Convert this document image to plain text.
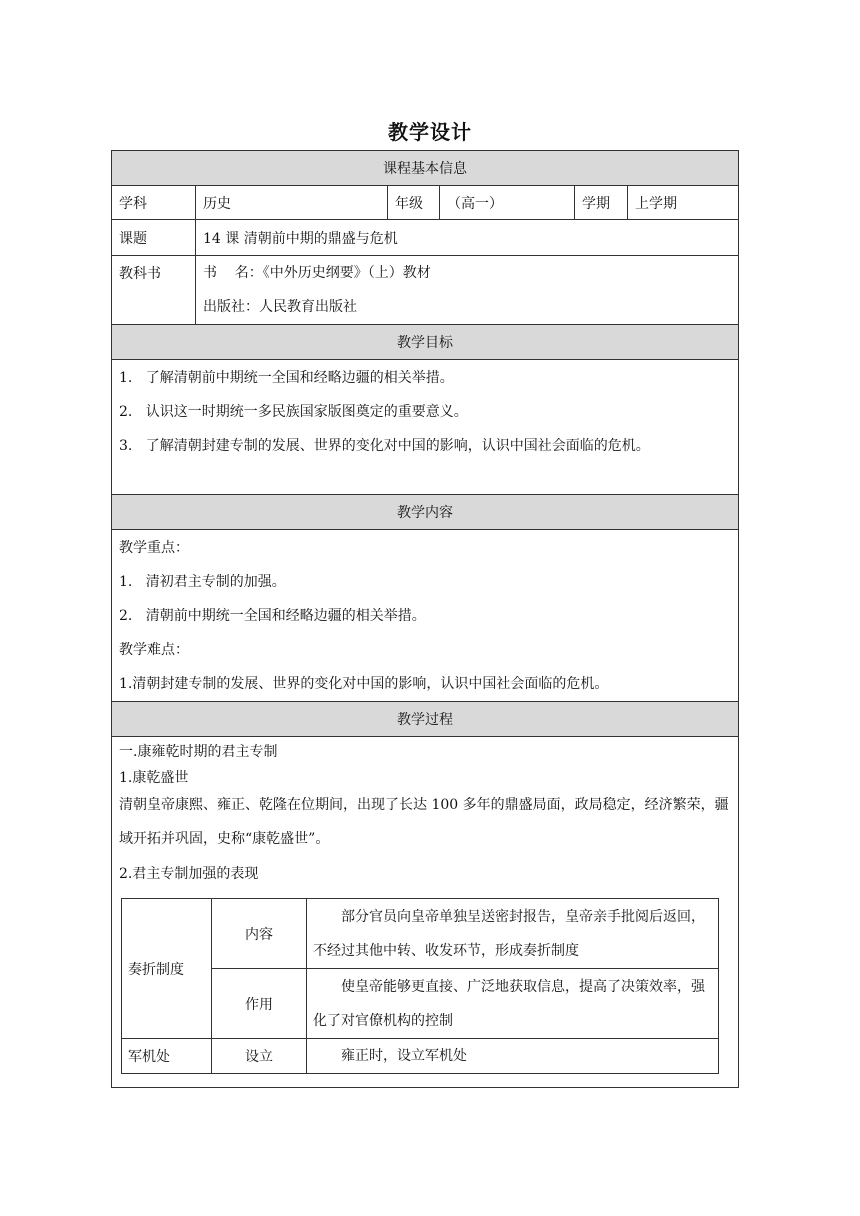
教学设计
课程基本信息
学科	历史	年级	（高一）	学期	上学期
课题	14 课 清朝前中期的鼎盛与危机
教科书	书    名：《中外历史纲要》（上）教材

出版社：人民教育出版社

教学目标

1.   了解清朝前中期统一全国和经略边疆的相关举措。

2.   认识这一时期统一多民族国家版图奠定的重要意义。

3.   了解清朝封建专制的发展、世界的变化对中国的影响，认识中国社会面临的危机。

教学内容

教学重点：

1.   清初君主专制的加强。

2.   清朝前中期统一全国和经略边疆的相关举措。

教学难点：

1.清朝封建专制的发展、世界的变化对中国的影响，认识中国社会面临的危机。

教学过程

一.康雍乾时期的君主专制

1.康乾盛世

清朝皇帝康熙、雍正、乾隆在位期间，出现了长达 100 多年的鼎盛局面，政局稳定，经济繁荣，疆域开拓并巩固，史称“康乾盛世”。

2.君主专制加强的表现

奏折制度	内容	部分官员向皇帝单独呈送密封报告，皇帝亲手批阅后返回，不经过其他中转、收发环节，形成奏折制度
作用	使皇帝能够更直接、广泛地获取信息，提高了决策效率，强化了对官僚机构的控制
军机处	设立	雍正时，设立军机处
